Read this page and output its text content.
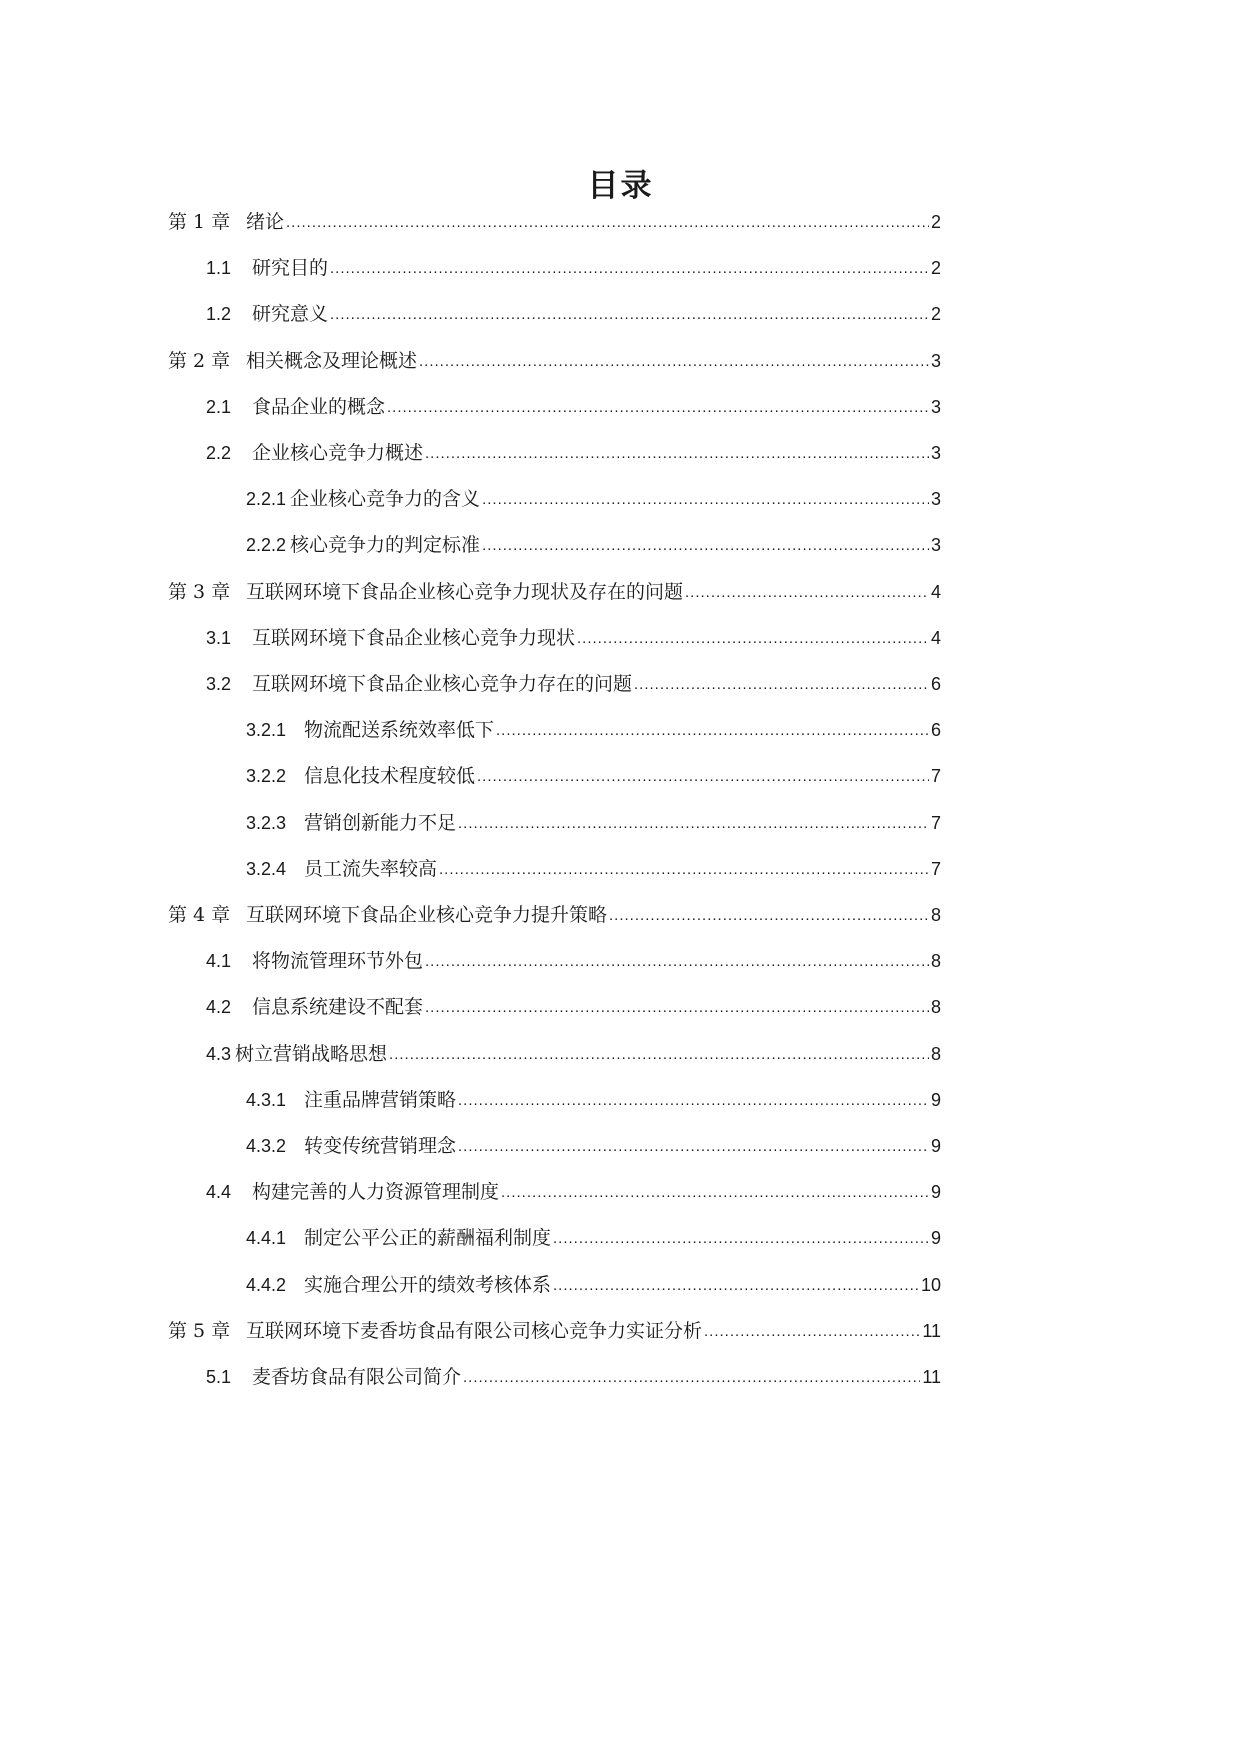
目录
第 1 章 绪论 .....	2
1.1	研究目的 .....	2
1.2	研究意义 .....	2
第 2 章 相关概念及理论概述 .....	3
2.1	食品企业的概念 .....	3
2.2	企业核心竞争力概述 .....	3
2.2.1 企业核心竞争力的含义 .....	3
2.2.2 核心竞争力的判定标准 .....	3
第 3 章 互联网环境下食品企业核心竞争力现状及存在的问题 .....	4
3.1	互联网环境下食品企业核心竞争力现状 .....	4
3.2	互联网环境下食品企业核心竞争力存在的问题 .....	6
3.2.1 物流配送系统效率低下 .....	6
3.2.2 信息化技术程度较低 .....	7
3.2.3 营销创新能力不足 .....	7
3.2.4 员工流失率较高 .....	7
第 4 章 互联网环境下食品企业核心竞争力提升策略 .....	8
4.1	将物流管理环节外包 .....	8
4.2	信息系统建设不配套 .....	8
4.3 树立营销战略思想 .....	8
4.3.1 注重品牌营销策略 .....	9
4.3.2 转变传统营销理念 .....	9
4.4	构建完善的人力资源管理制度 .....	9
4.4.1 制定公平公正的薪酬福利制度 .....	9
4.4.2 实施合理公开的绩效考核体系 .....	10
第 5 章 互联网环境下麦香坊食品有限公司核心竞争力实证分析 .....	11
5.1	麦香坊食品有限公司简介 .....	11
